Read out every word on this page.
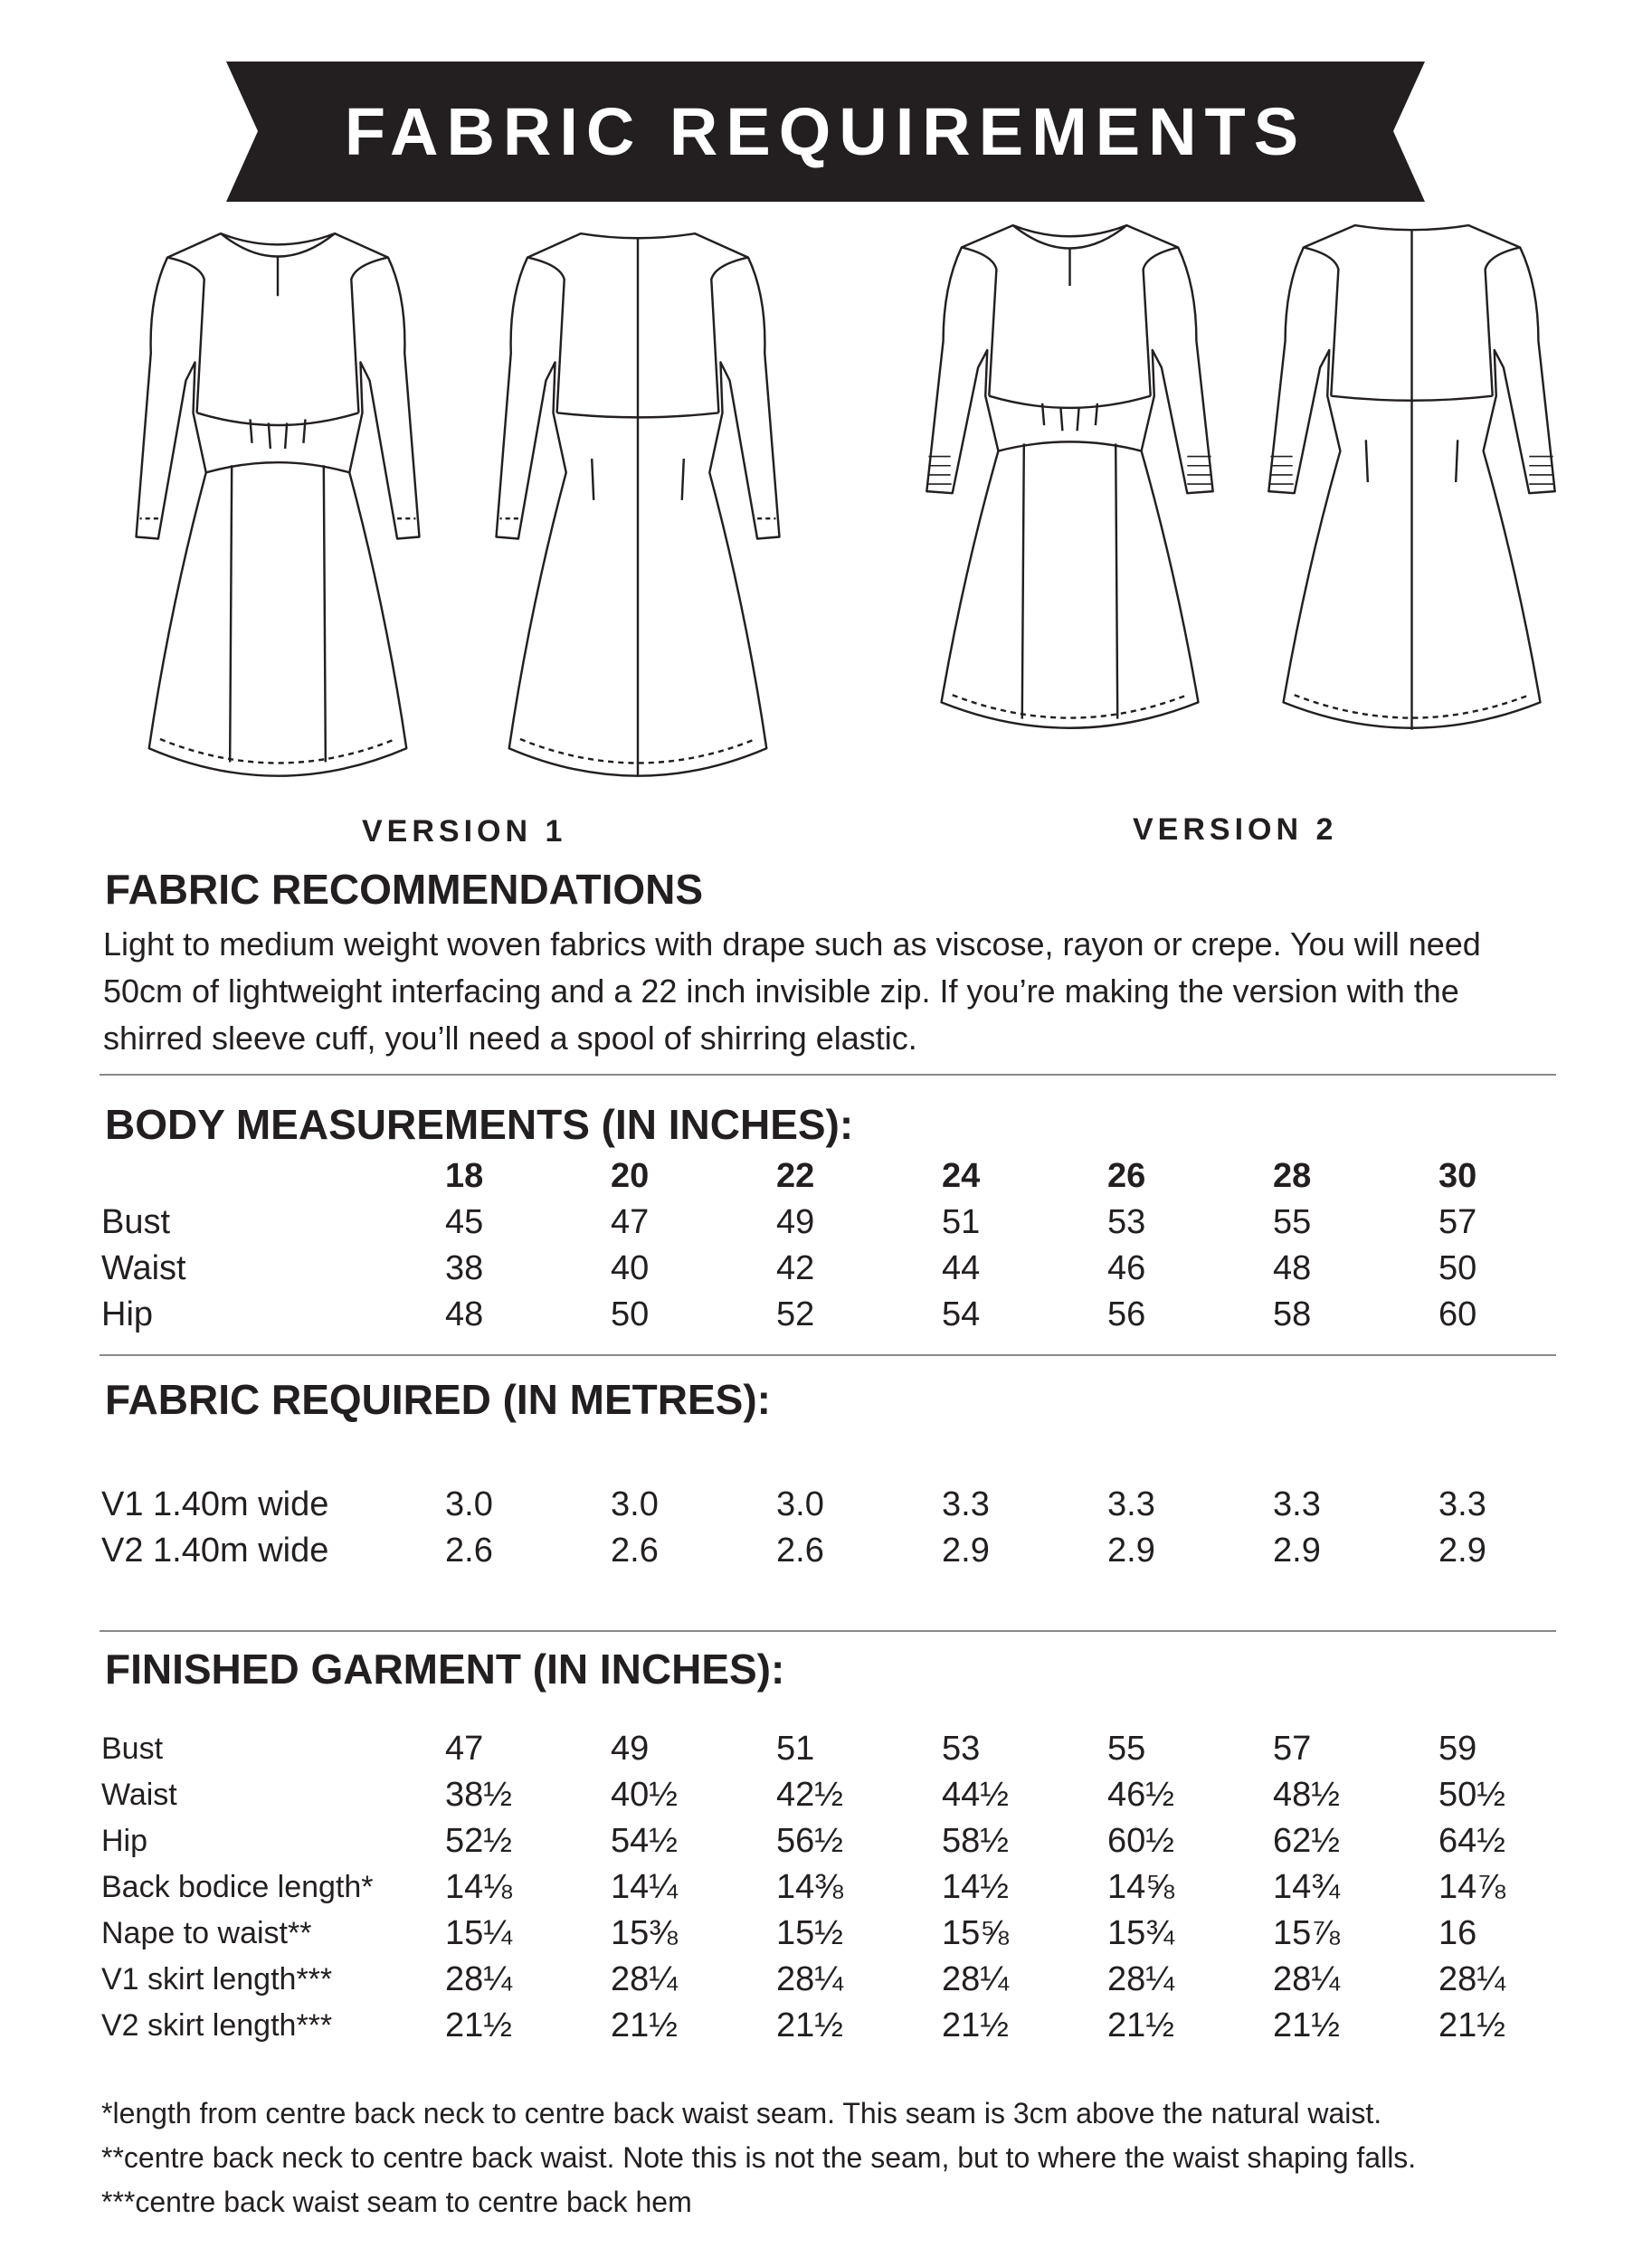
FABRIC REQUIREMENTS
VERSION 1	VERSION 2
FABRIC RECOMMENDATIONS
Light to medium weight woven fabrics with drape such as viscose, rayon or crepe. You will need
50cm of lightweight interfacing and a 22 inch invisible zip. If you’re making the version with the
shirred sleeve cuff, you’ll need a spool of shirring elastic.
BODY MEASUREMENTS (IN INCHES):
	18	20	22	24	26	28	30
Bust	45	47	49	51	53	55	57
Waist	38	40	42	44	46	48	50
Hip	48	50	52	54	56	58	60
FABRIC REQUIRED (IN METRES):
V1 1.40m wide	3.0	3.0	3.0	3.3	3.3	3.3	3.3
V2 1.40m wide	2.6	2.6	2.6	2.9	2.9	2.9	2.9
FINISHED GARMENT (IN INCHES):
Bust	47	49	51	53	55	57	59
Waist	38½	40½	42½	44½	46½	48½	50½
Hip	52½	54½	56½	58½	60½	62½	64½
Back bodice length*	14⅛	14¼	14⅜	14½	14⅝	14¾	14⅞
Nape to waist**	15¼	15⅜	15½	15⅝	15¾	15⅞	16
V1 skirt length***	28¼	28¼	28¼	28¼	28¼	28¼	28¼
V2 skirt length***	21½	21½	21½	21½	21½	21½	21½
*length from centre back neck to centre back waist seam. This seam is 3cm above the natural waist.
**centre back neck to centre back waist. Note this is not the seam, but to where the waist shaping falls.
***centre back waist seam to centre back hem
